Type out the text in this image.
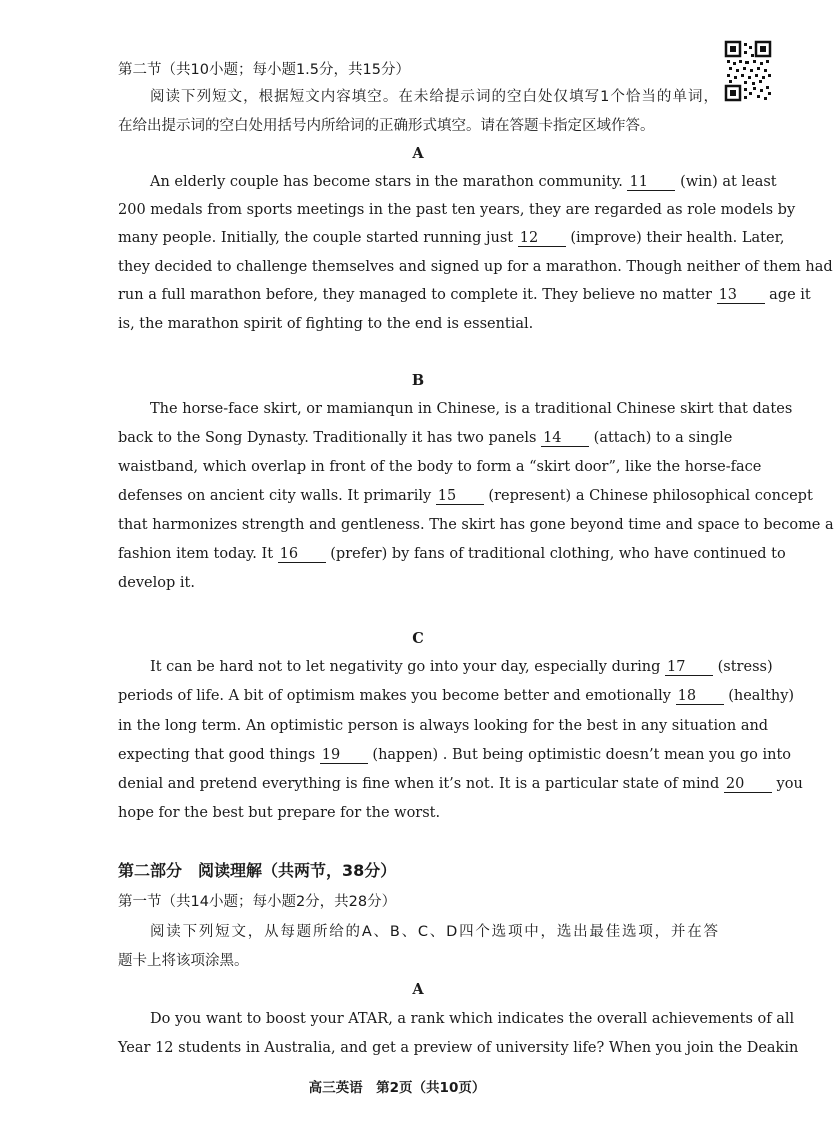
第二节（共10小题；每小题1.5分，共15分）
阅读下列短文，根据短文内容填空。在未给提示词的空白处仅填写1个恰当的单词，
在给出提示词的空白处用括号内所给词的正确形式填空。请在答题卡指定区域作答。
A
An elderly couple has become stars in the marathon community. 11 (win) at least
200 medals from sports meetings in the past ten years, they are regarded as role models by
many people. Initially, the couple started running just 12 (improve) their health. Later,
they decided to challenge themselves and signed up for a marathon. Though neither of them had
run a full marathon before, they managed to complete it. They believe no matter 13 age it
is, the marathon spirit of fighting to the end is essential.
B
The horse-face skirt, or mamianqun in Chinese, is a traditional Chinese skirt that dates
back to the Song Dynasty. Traditionally it has two panels 14 (attach) to a single
waistband, which overlap in front of the body to form a “skirt door”, like the horse-face
defenses on ancient city walls. It primarily 15 (represent) a Chinese philosophical concept
that harmonizes strength and gentleness. The skirt has gone beyond time and space to become a
fashion item today. It 16 (prefer) by fans of traditional clothing, who have continued to
develop it.
C
It can be hard not to let negativity go into your day, especially during 17 (stress)
periods of life. A bit of optimism makes you become better and emotionally 18 (healthy)
in the long term. An optimistic person is always looking for the best in any situation and
expecting that good things 19 (happen) . But being optimistic doesn’t mean you go into
denial and pretend everything is fine when it’s not. It is a particular state of mind 20 you
hope for the best but prepare for the worst.
第二部分　阅读理解（共两节，38分）
第一节（共14小题；每小题2分，共28分）
阅读下列短文，从每题所给的A、B、C、D四个选项中，选出最佳选项，并在答
题卡上将该项涂黑。
A
Do you want to boost your ATAR, a rank which indicates the overall achievements of all
Year 12 students in Australia, and get a preview of university life? When you join the Deakin
高三英语　第2页（共10页）
